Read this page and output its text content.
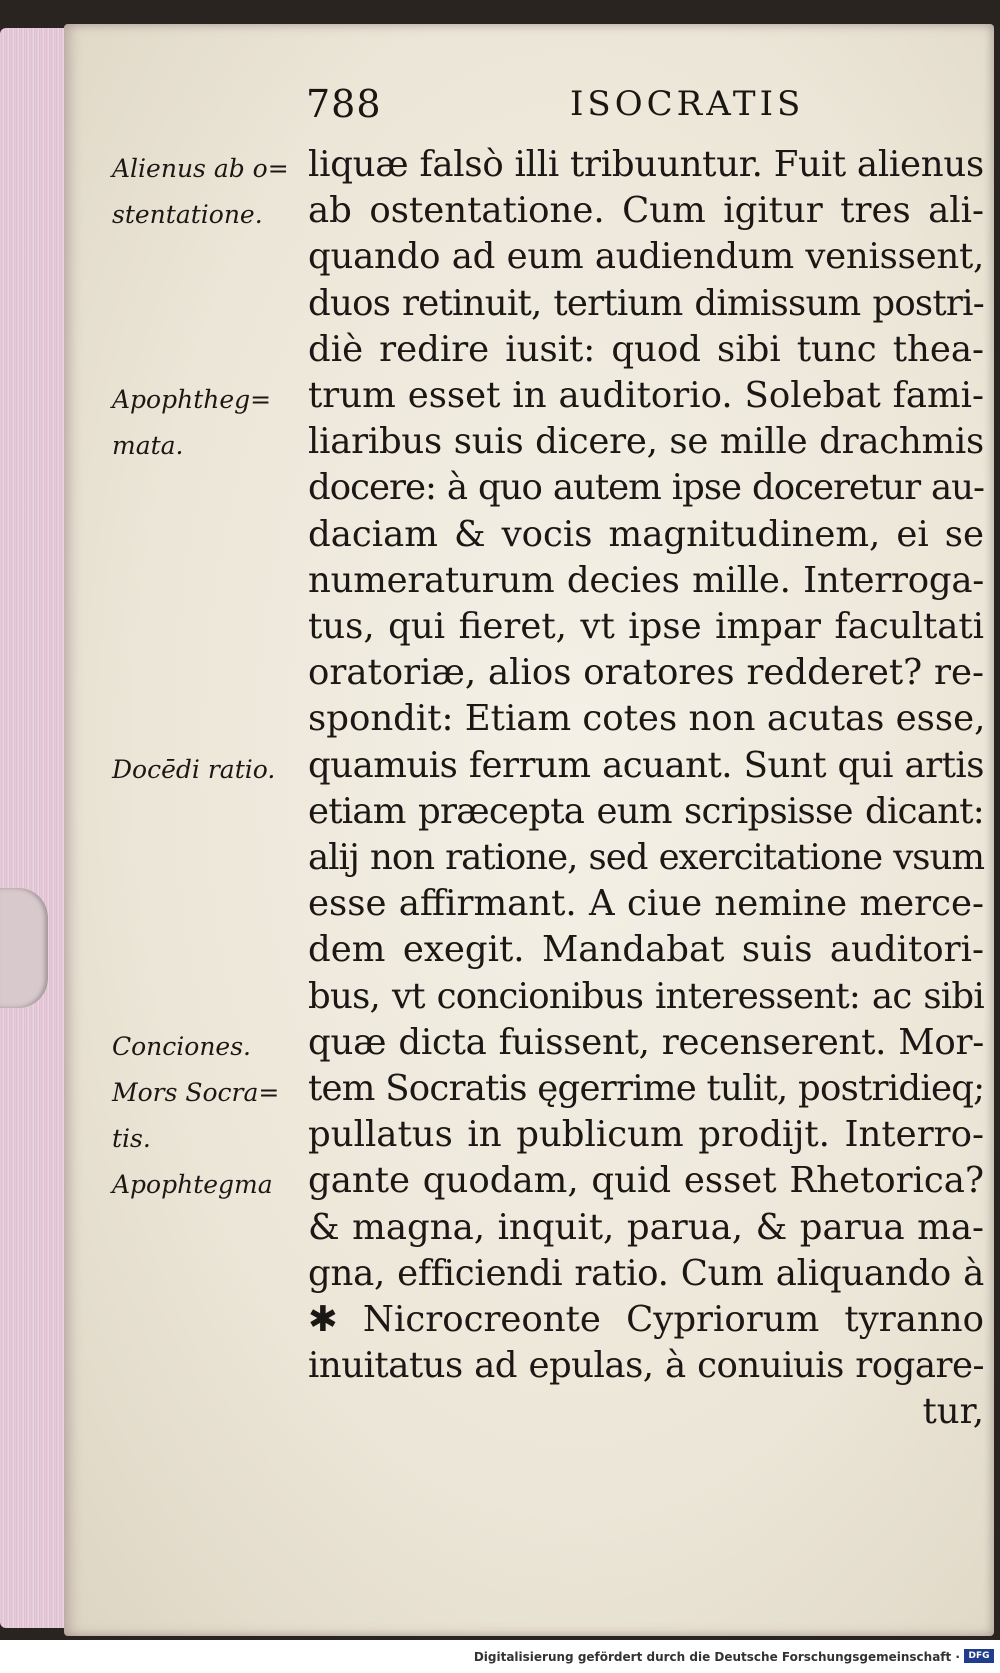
788	ISOCRATIS
Alienus ab o=
stentatione.
Apophtheg=
mata.
Docēdi ratio.
Conciones.
Mors Socra=
tis.
Apophtegma
liquæ falsò illi tribuuntur. Fuit alienus
ab ostentatione. Cum igitur tres ali-
quando ad eum audiendum venissent,
duos retinuit, tertium dimissum postri-
diè redire iusit: quod sibi tunc thea-
trum esset in auditorio. Solebat fami-
liaribus suis dicere, se mille drachmis
docere: à quo autem ipse doceretur au-
daciam & vocis magnitudinem, ei se
numeraturum decies mille. Interroga-
tus, qui fieret, vt ipse impar facultati
oratoriæ, alios oratores redderet? re-
spondit: Etiam cotes non acutas esse,
quamuis ferrum acuant. Sunt qui artis
etiam præcepta eum scripsisse dicant:
alij non ratione, sed exercitatione vsum
esse affirmant. A ciue nemine merce-
dem exegit. Mandabat suis auditori-
bus, vt concionibus interessent: ac sibi
quæ dicta fuissent, recenserent. Mor-
tem Socratis ęgerrime tulit, postridieq;
pullatus in publicum prodijt. Interro-
gante quodam, quid esset Rhetorica?
& magna, inquit, parua, & parua ma-
gna, efficiendi ratio. Cum aliquando à
✱ Nicrocreonte Cypriorum tyranno
inuitatus ad epulas, à conuiuis rogare-
tur,
Digitalisierung gefördert durch die Deutsche Forschungsgemeinschaft · DFG
